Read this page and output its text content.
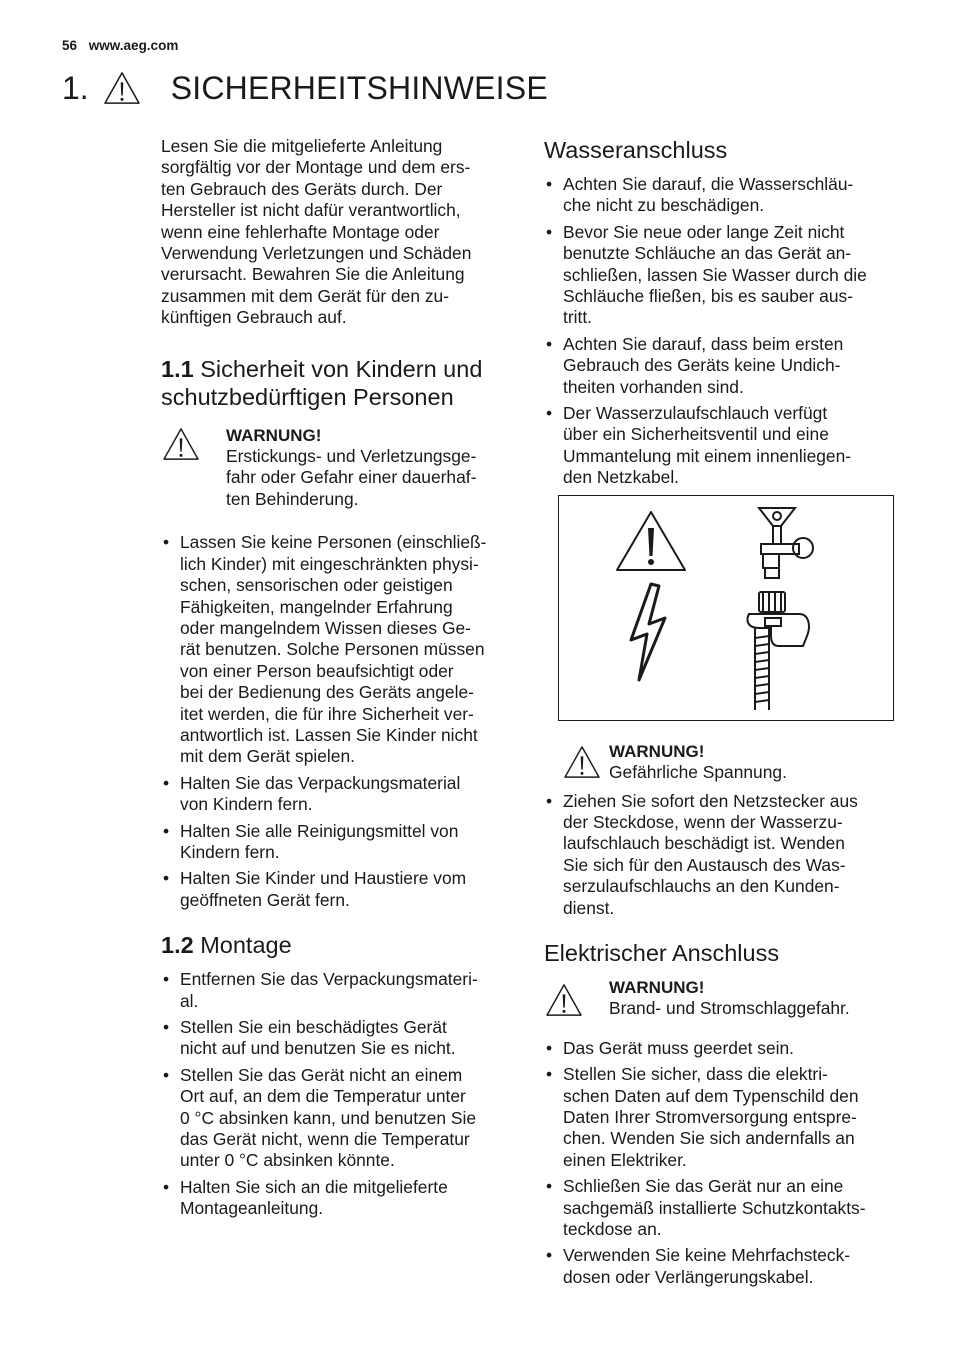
56 www.aeg.com
1.	SICHERHEITSHINWEISE

Lesen Sie die mitgelieferte Anleitung
sorgfältig vor der Montage und dem ers-
ten Gebrauch des Geräts durch. Der
Hersteller ist nicht dafür verantwortlich,
wenn eine fehlerhafte Montage oder
Verwendung Verletzungen und Schäden
verursacht. Bewahren Sie die Anleitung
zusammen mit dem Gerät für den zu-
künftigen Gebrauch auf.

1.1 Sicherheit von Kindern und
schutzbedürftigen Personen
WARNUNG!
Erstickungs- und Verletzungsge-
fahr oder Gefahr einer dauerhaf-
ten Behinderung.
• Lassen Sie keine Personen (einschließ-
lich Kinder) mit eingeschränkten physi-
schen, sensorischen oder geistigen
Fähigkeiten, mangelnder Erfahrung
oder mangelndem Wissen dieses Ge-
rät benutzen. Solche Personen müssen
von einer Person beaufsichtigt oder
bei der Bedienung des Geräts angele-
itet werden, die für ihre Sicherheit ver-
antwortlich ist. Lassen Sie Kinder nicht
mit dem Gerät spielen.
• Halten Sie das Verpackungsmaterial
von Kindern fern.
• Halten Sie alle Reinigungsmittel von
Kindern fern.
• Halten Sie Kinder und Haustiere vom
geöffneten Gerät fern.
1.2 Montage
• Entfernen Sie das Verpackungsmateri-
al.
• Stellen Sie ein beschädigtes Gerät
nicht auf und benutzen Sie es nicht.
• Stellen Sie das Gerät nicht an einem
Ort auf, an dem die Temperatur unter
0 °C absinken kann, und benutzen Sie
das Gerät nicht, wenn die Temperatur
unter 0 °C absinken könnte.
• Halten Sie sich an die mitgelieferte
Montageanleitung.
Wasseranschluss
• Achten Sie darauf, die Wasserschläu-
che nicht zu beschädigen.
• Bevor Sie neue oder lange Zeit nicht
benutzte Schläuche an das Gerät an-
schließen, lassen Sie Wasser durch die
Schläuche fließen, bis es sauber aus-
tritt.
• Achten Sie darauf, dass beim ersten
Gebrauch des Geräts keine Undich-
theiten vorhanden sind.
• Der Wasserzulaufschlauch verfügt
über ein Sicherheitsventil und eine
Ummantelung mit einem innenliegen-
den Netzkabel.
WARNUNG!
Gefährliche Spannung.
• Ziehen Sie sofort den Netzstecker aus
der Steckdose, wenn der Wasserzu-
laufschlauch beschädigt ist. Wenden
Sie sich für den Austausch des Was-
serzulaufschlauchs an den Kunden-
dienst.
Elektrischer Anschluss
WARNUNG!
Brand- und Stromschlaggefahr.
• Das Gerät muss geerdet sein.
• Stellen Sie sicher, dass die elektri-
schen Daten auf dem Typenschild den
Daten Ihrer Stromversorgung entspre-
chen. Wenden Sie sich andernfalls an
einen Elektriker.
• Schließen Sie das Gerät nur an eine
sachgemäß installierte Schutzkontakts-
teckdose an.
• Verwenden Sie keine Mehrfachsteck-
dosen oder Verlängerungskabel.
